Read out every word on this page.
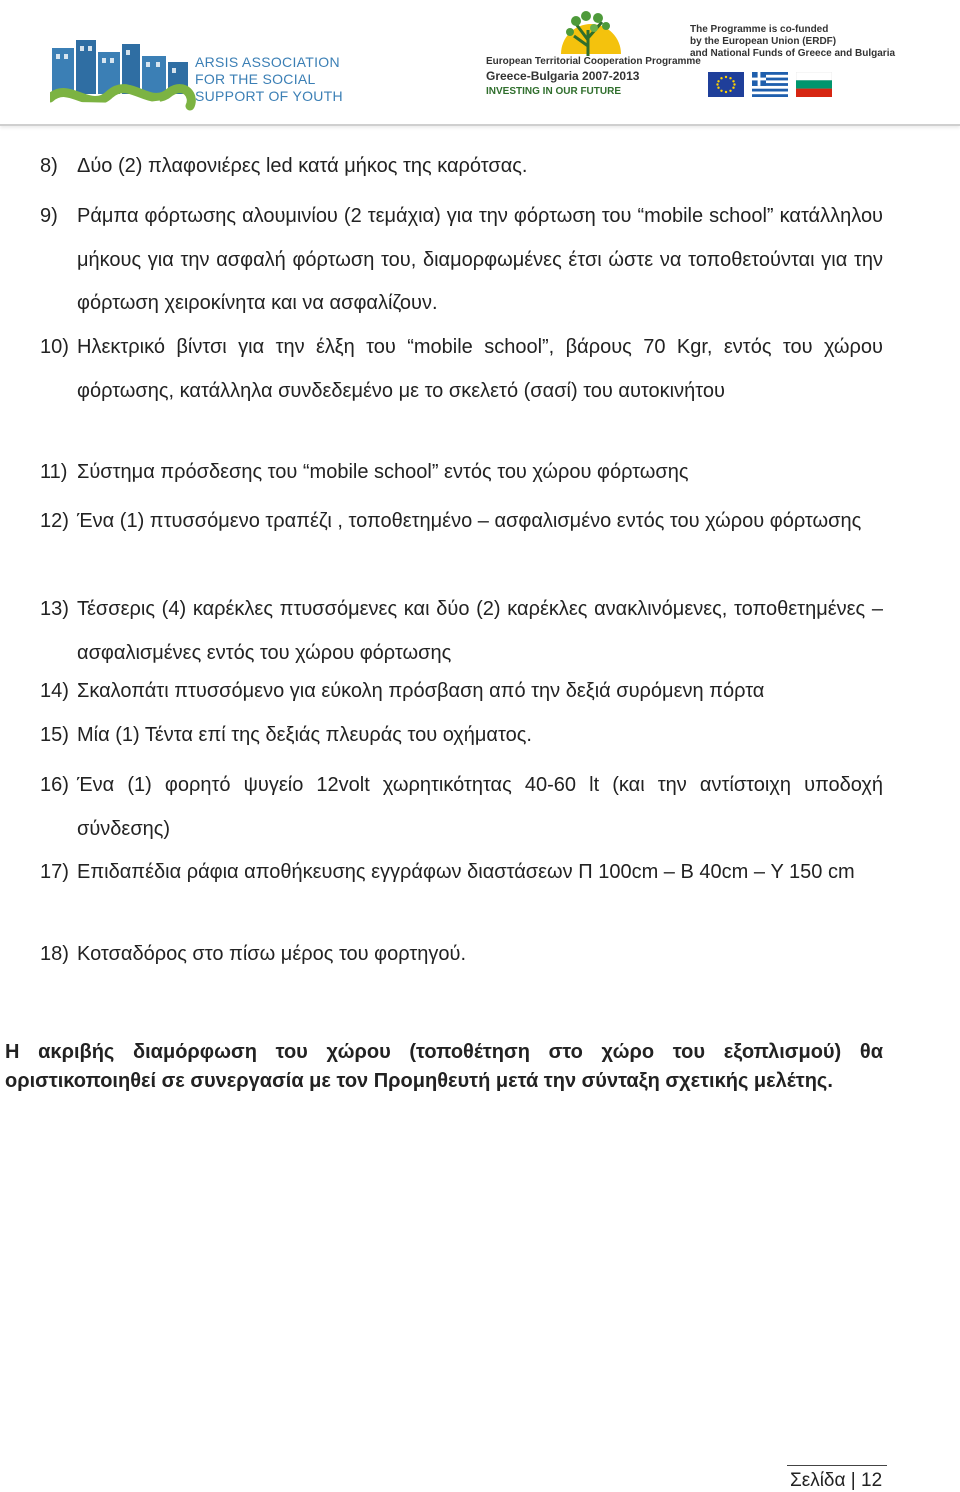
ARSIS ASSOCIATION
FOR THE SOCIAL
SUPPORT OF YOUTH
European Territorial Cooperation Programme
Greece-Bulgaria 2007-2013
INVESTING IN OUR FUTURE
The Programme is co-funded
by the European Union (ERDF)
and National Funds of Greece and Bulgaria
8) Δύο (2) πλαφονιέρες led κατά μήκος της καρότσας.
9) Ράμπα φόρτωσης αλουμινίου (2 τεμάχια) για την φόρτωση του “mobile school” κατάλληλου μήκους για την ασφαλή φόρτωση του, διαμορφωμένες έτσι ώστε να τοποθετούνται για την φόρτωση χειροκίνητα και να ασφαλίζουν.
10) Ηλεκτρικό βίντσι για την έλξη του “mobile school”, βάρους 70 Kgr, εντός του χώρου φόρτωσης, κατάλληλα συνδεδεμένο με το σκελετό (σασί) του αυτοκινήτου
11) Σύστημα πρόσδεσης του “mobile school” εντός του χώρου φόρτωσης
12) Ένα (1) πτυσσόμενο τραπέζι , τοποθετημένο – ασφαλισμένο εντός του χώρου φόρτωσης
13) Τέσσερις (4) καρέκλες πτυσσόμενες και δύο (2) καρέκλες ανακλινόμενες, τοποθετημένες – ασφαλισμένες εντός του χώρου φόρτωσης
14) Σκαλοπάτι πτυσσόμενο για εύκολη πρόσβαση από την δεξιά συρόμενη πόρτα
15) Μία (1) Τέντα επί της δεξιάς πλευράς του οχήματος.
16) Ένα (1) φορητό ψυγείο 12volt χωρητικότητας 40-60 lt (και την αντίστοιχη υποδοχή σύνδεσης)
17) Επιδαπέδια ράφια αποθήκευσης εγγράφων διαστάσεων Π 100cm – Β 40cm – Υ 150 cm
18) Κοτσαδόρος στο πίσω μέρος του φορτηγού.
Η ακριβής διαμόρφωση του χώρου (τοποθέτηση στο χώρο του εξοπλισμού) θα οριστικοποιηθεί σε συνεργασία με τον Προμηθευτή μετά την σύνταξη σχετικής μελέτης.
Σελίδα | 12
